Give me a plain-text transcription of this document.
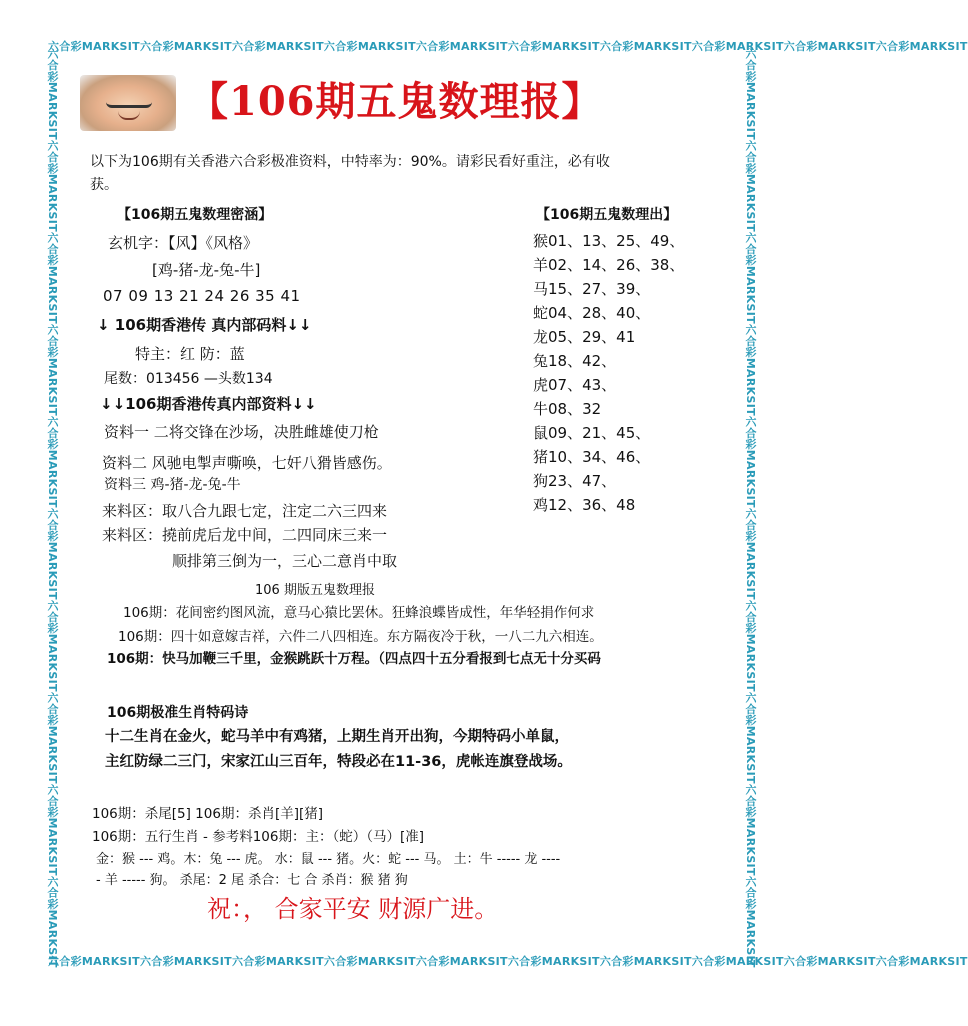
六合彩MARKSIT六合彩MARKSIT六合彩MARKSIT六合彩MARKSIT六合彩MARKSIT六合彩MARKSIT六合彩MARKSIT六合彩MARKSIT六合彩MARKSIT六合彩MARKSIT
六合彩MARKSIT六合彩MARKSIT六合彩MARKSIT六合彩MARKSIT六合彩MARKSIT六合彩MARKSIT六合彩MARKSIT六合彩MARKSIT六合彩MARKSIT六合彩MARKSIT
六合彩MARKSIT六合彩MARKSIT六合彩MARKSIT六合彩MARKSIT六合彩MARKSIT六合彩MARKSIT六合彩MARKSIT六合彩MARKSIT六合彩MARKSIT六合彩MARKSIT	六合彩MARKSIT六合彩MARKSIT六合彩MARKSIT六合彩MARKSIT六合彩MARKSIT六合彩MARKSIT六合彩MARKSIT六合彩MARKSIT六合彩MARKSIT六合彩MARKSIT
【106期五鬼数理报】
以下为106期有关香港六合彩极准资料，中特率为：90%。请彩民看好重注，必有收
获。
【106期五鬼数理密涵】
玄机字：【风】《风格》
[鸡-猪-龙-兔-牛]
07 09 13 21 24 26 35 41
↓ 106期香港传 真内部码料↓↓
特主：红 防：蓝
尾数：013456 —头数134
↓↓106期香港传真内部资料↓↓
资料一 二将交锋在沙场，决胜雌雄使刀枪
资料二 风驰电掣声嘶唤，七奸八猾皆感伤。
资料三 鸡-猪-龙-兔-牛
来料区：取八合九跟七定，注定二六三四来
来料区：撓前虎后龙中间，二四同床三来一
顺排第三倒为一，三心二意肖中取
【106期五鬼数理出】
猴01、13、25、49、
羊02、14、26、38、
马15、27、39、
蛇04、28、40、
龙05、29、41
兔18、42、
虎07、43、
牛08、32
鼠09、21、45、
猪10、34、46、
狗23、47、
鸡12、36、48
106 期版五鬼数理报
106期：花间密约图风流，意马心猿比罢休。狂蜂浪蝶皆成性，年华轻捐作何求
106期：四十如意嫁吉祥，六件二八四相连。东方隔夜冷于秋，一八二九六相连。
106期：快马加鞭三千里，金猴跳跃十万程。（四点四十五分看报到七点无十分买码
106期极准生肖特码诗
十二生肖在金火，蛇马羊中有鸡猪，上期生肖开出狗，今期特码小单鼠，
主红防绿二三门，宋家江山三百年，特段必在11-36，虎帐连旗登战场。
106期：杀尾[5] 106期：杀肖[羊][猪]
106期：五行生肖 - 参考料106期：主：（蛇）（马）[准]
金：猴 --- 鸡。木：兔 --- 虎。 水：鼠 --- 猪。火：蛇 --- 马。 土：牛 ----- 龙 ----
- 羊 ----- 狗。 杀尾：2 尾 杀合：七 合 杀肖：猴 猪 狗
祝：， 合家平安 财源广进。
